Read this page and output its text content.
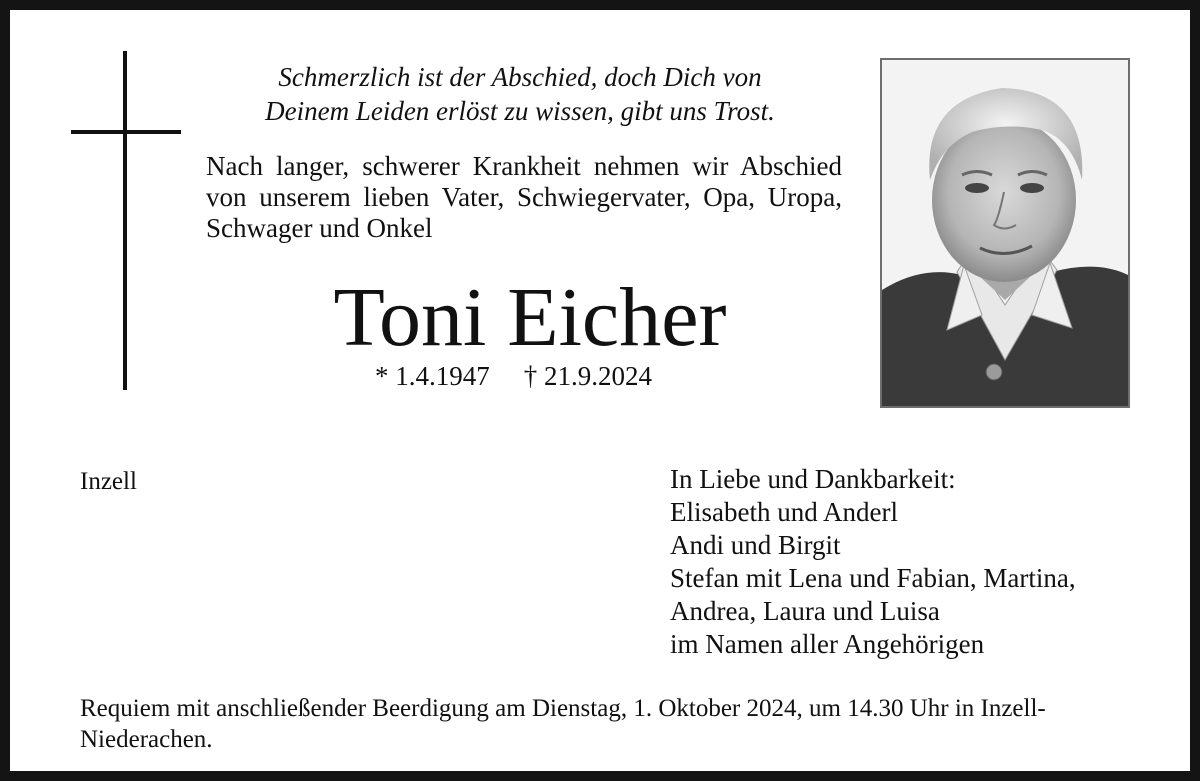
Schmerzlich ist der Abschied, doch Dich von
Deinem Leiden erlöst zu wissen, gibt uns Trost.
Nach langer, schwerer Krankheit nehmen wir Abschied von unserem lieben Vater, Schwiegervater, Opa, Uropa, Schwager und Onkel
Toni Eicher
* 1.4.1947 † 21.9.2024
Inzell	In Liebe und Dankbarkeit:
Elisabeth und Anderl
Andi und Birgit
Stefan mit Lena und Fabian, Martina,
Andrea, Laura und Luisa
im Namen aller Angehörigen
Requiem mit anschließender Beerdigung am Dienstag, 1. Oktober 2024, um 14.30 Uhr in Inzell-Niederachen.
